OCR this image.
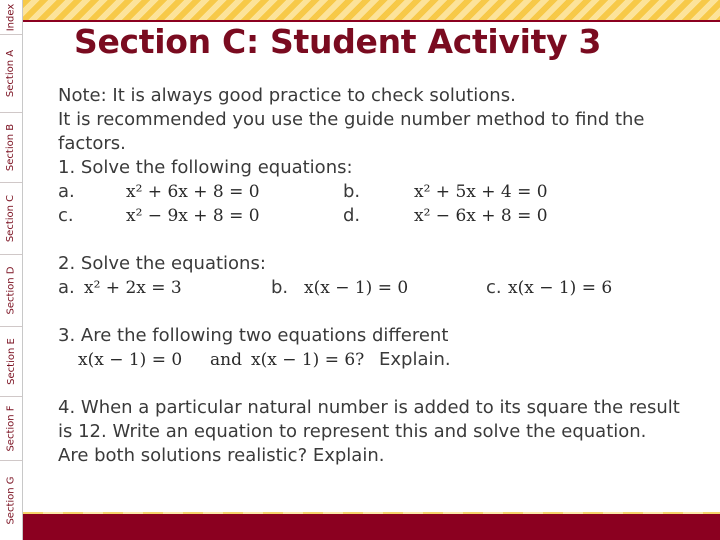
Index
Section A
Section B
Section C
Section D
Section E
Section F
Section G
Section C: Student Activity 3
Note: It is always good practice to check solutions.
It is recommended you use the guide number method to find the
factors.
1. Solve the following equations:
a.	x² + 6x + 8 = 0	b.	x² + 5x + 4 = 0
c.	x² − 9x + 8 = 0	d.	x² − 6x + 8 = 0
2. Solve the equations:
a. x² + 2x = 3	b. x(x − 1) = 0	c. x(x − 1) = 6
3. Are the following two equations different
x(x − 1) = 0 and x(x − 1) = 6? Explain.
4. When a particular natural number is added to its square the result
is 12. Write an equation to represent this and solve the equation.
Are both solutions realistic? Explain.
